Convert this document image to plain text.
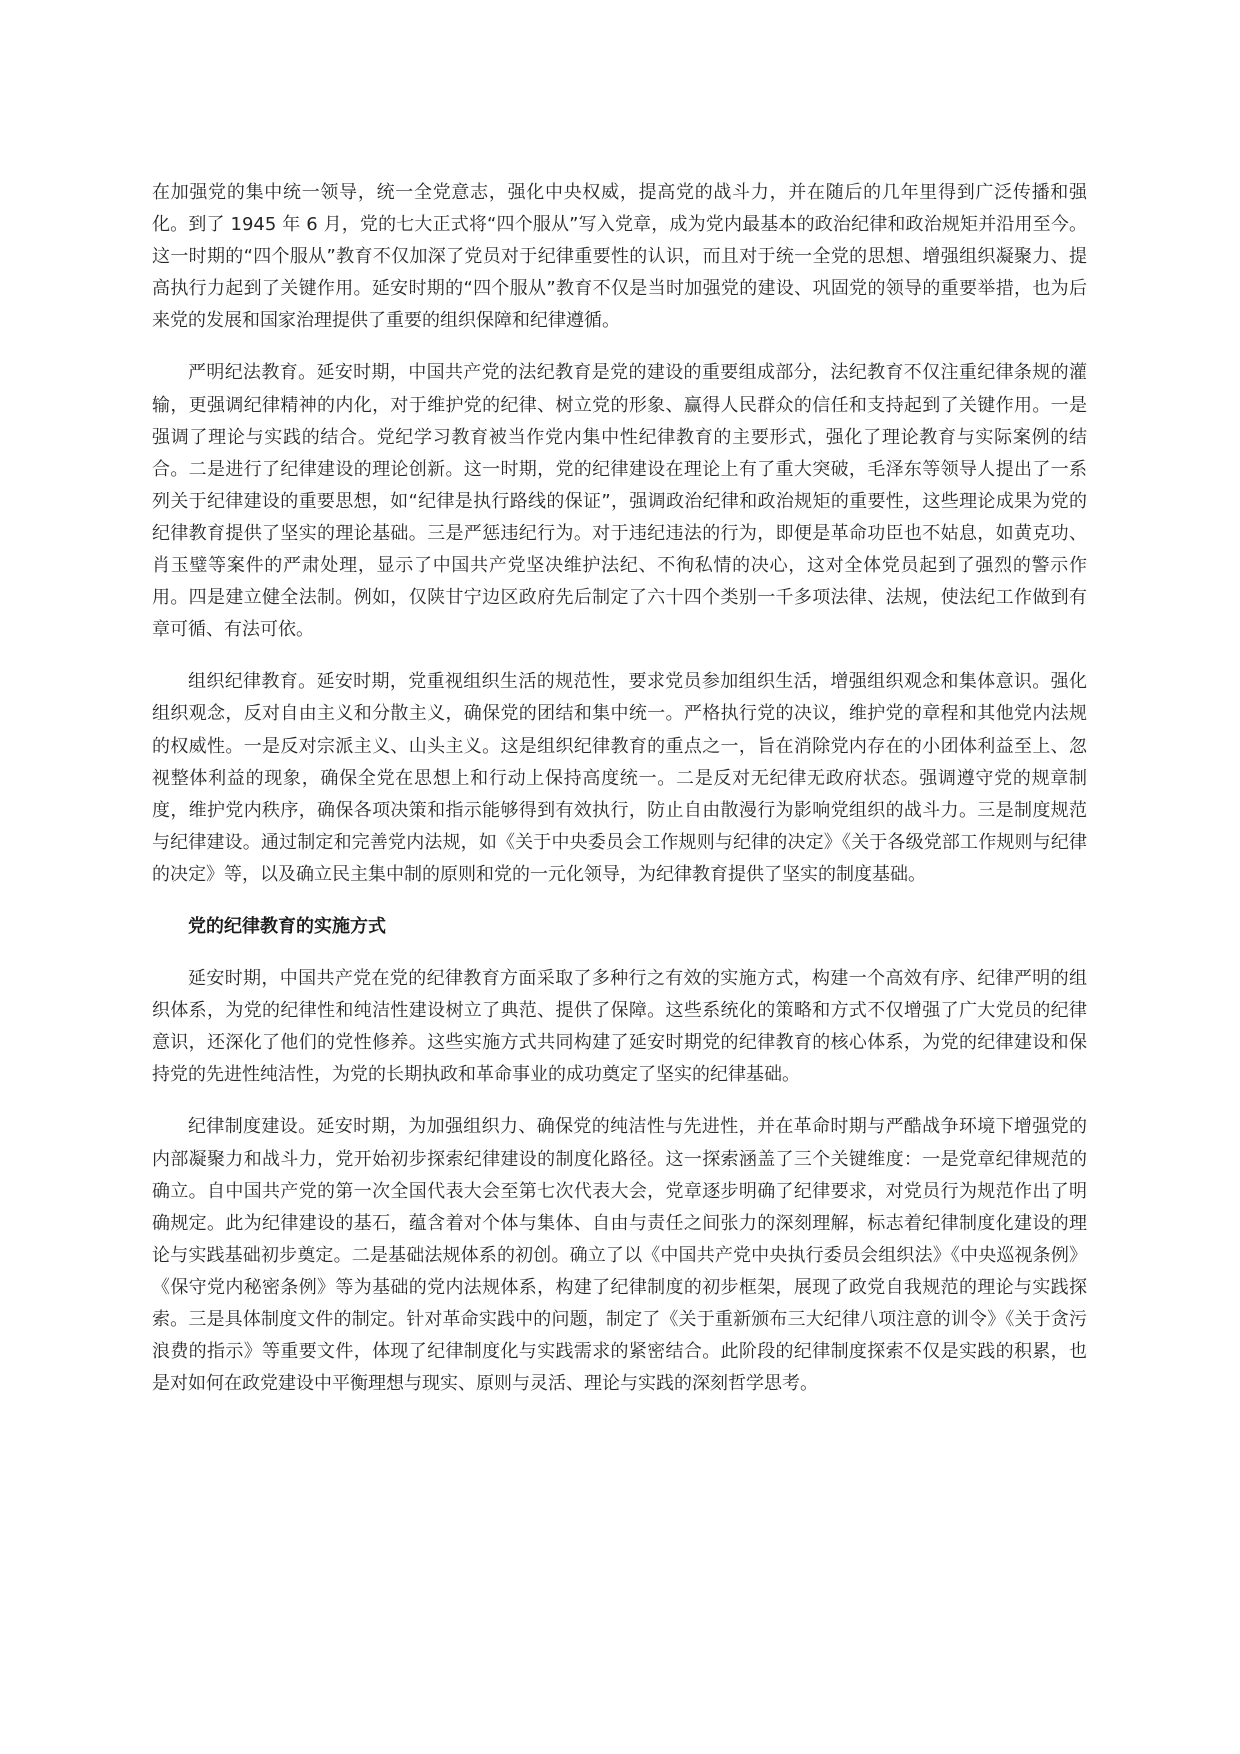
在加强党的集中统一领导，统一全党意志，强化中央权威，提高党的战斗力，并在随后的几年里得到广泛传播和强化。到了 1945 年 6 月，党的七大正式将“四个服从”写入党章，成为党内最基本的政治纪律和政治规矩并沿用至今。这一时期的“四个服从”教育不仅加深了党员对于纪律重要性的认识，而且对于统一全党的思想、增强组织凝聚力、提高执行力起到了关键作用。延安时期的“四个服从”教育不仅是当时加强党的建设、巩固党的领导的重要举措，也为后来党的发展和国家治理提供了重要的组织保障和纪律遵循。

严明纪法教育。延安时期，中国共产党的法纪教育是党的建设的重要组成部分，法纪教育不仅注重纪律条规的灌输，更强调纪律精神的内化，对于维护党的纪律、树立党的形象、赢得人民群众的信任和支持起到了关键作用。一是强调了理论与实践的结合。党纪学习教育被当作党内集中性纪律教育的主要形式，强化了理论教育与实际案例的结合。二是进行了纪律建设的理论创新。这一时期，党的纪律建设在理论上有了重大突破，毛泽东等领导人提出了一系列关于纪律建设的重要思想，如“纪律是执行路线的保证”，强调政治纪律和政治规矩的重要性，这些理论成果为党的纪律教育提供了坚实的理论基础。三是严惩违纪行为。对于违纪违法的行为，即便是革命功臣也不姑息，如黄克功、肖玉璧等案件的严肃处理，显示了中国共产党坚决维护法纪、不徇私情的决心，这对全体党员起到了强烈的警示作用。四是建立健全法制。例如，仅陕甘宁边区政府先后制定了六十四个类别一千多项法律、法规，使法纪工作做到有章可循、有法可依。

组织纪律教育。延安时期，党重视组织生活的规范性，要求党员参加组织生活，增强组织观念和集体意识。强化组织观念，反对自由主义和分散主义，确保党的团结和集中统一。严格执行党的决议，维护党的章程和其他党内法规的权威性。一是反对宗派主义、山头主义。这是组织纪律教育的重点之一，旨在消除党内存在的小团体利益至上、忽视整体利益的现象，确保全党在思想上和行动上保持高度统一。二是反对无纪律无政府状态。强调遵守党的规章制度，维护党内秩序，确保各项决策和指示能够得到有效执行，防止自由散漫行为影响党组织的战斗力。三是制度规范与纪律建设。通过制定和完善党内法规，如《关于中央委员会工作规则与纪律的决定》《关于各级党部工作规则与纪律的决定》等，以及确立民主集中制的原则和党的一元化领导，为纪律教育提供了坚实的制度基础。

党的纪律教育的实施方式

延安时期，中国共产党在党的纪律教育方面采取了多种行之有效的实施方式，构建一个高效有序、纪律严明的组织体系，为党的纪律性和纯洁性建设树立了典范、提供了保障。这些系统化的策略和方式不仅增强了广大党员的纪律意识，还深化了他们的党性修养。这些实施方式共同构建了延安时期党的纪律教育的核心体系，为党的纪律建设和保持党的先进性纯洁性，为党的长期执政和革命事业的成功奠定了坚实的纪律基础。

纪律制度建设。延安时期，为加强组织力、确保党的纯洁性与先进性，并在革命时期与严酷战争环境下增强党的内部凝聚力和战斗力，党开始初步探索纪律建设的制度化路径。这一探索涵盖了三个关键维度：一是党章纪律规范的确立。自中国共产党的第一次全国代表大会至第七次代表大会，党章逐步明确了纪律要求，对党员行为规范作出了明确规定。此为纪律建设的基石，蕴含着对个体与集体、自由与责任之间张力的深刻理解，标志着纪律制度化建设的理论与实践基础初步奠定。二是基础法规体系的初创。确立了以《中国共产党中央执行委员会组织法》《中央巡视条例》《保守党内秘密条例》等为基础的党内法规体系，构建了纪律制度的初步框架，展现了政党自我规范的理论与实践探索。三是具体制度文件的制定。针对革命实践中的问题，制定了《关于重新颁布三大纪律八项注意的训令》《关于贪污浪费的指示》等重要文件，体现了纪律制度化与实践需求的紧密结合。此阶段的纪律制度探索不仅是实践的积累，也是对如何在政党建设中平衡理想与现实、原则与灵活、理论与实践的深刻哲学思考。
